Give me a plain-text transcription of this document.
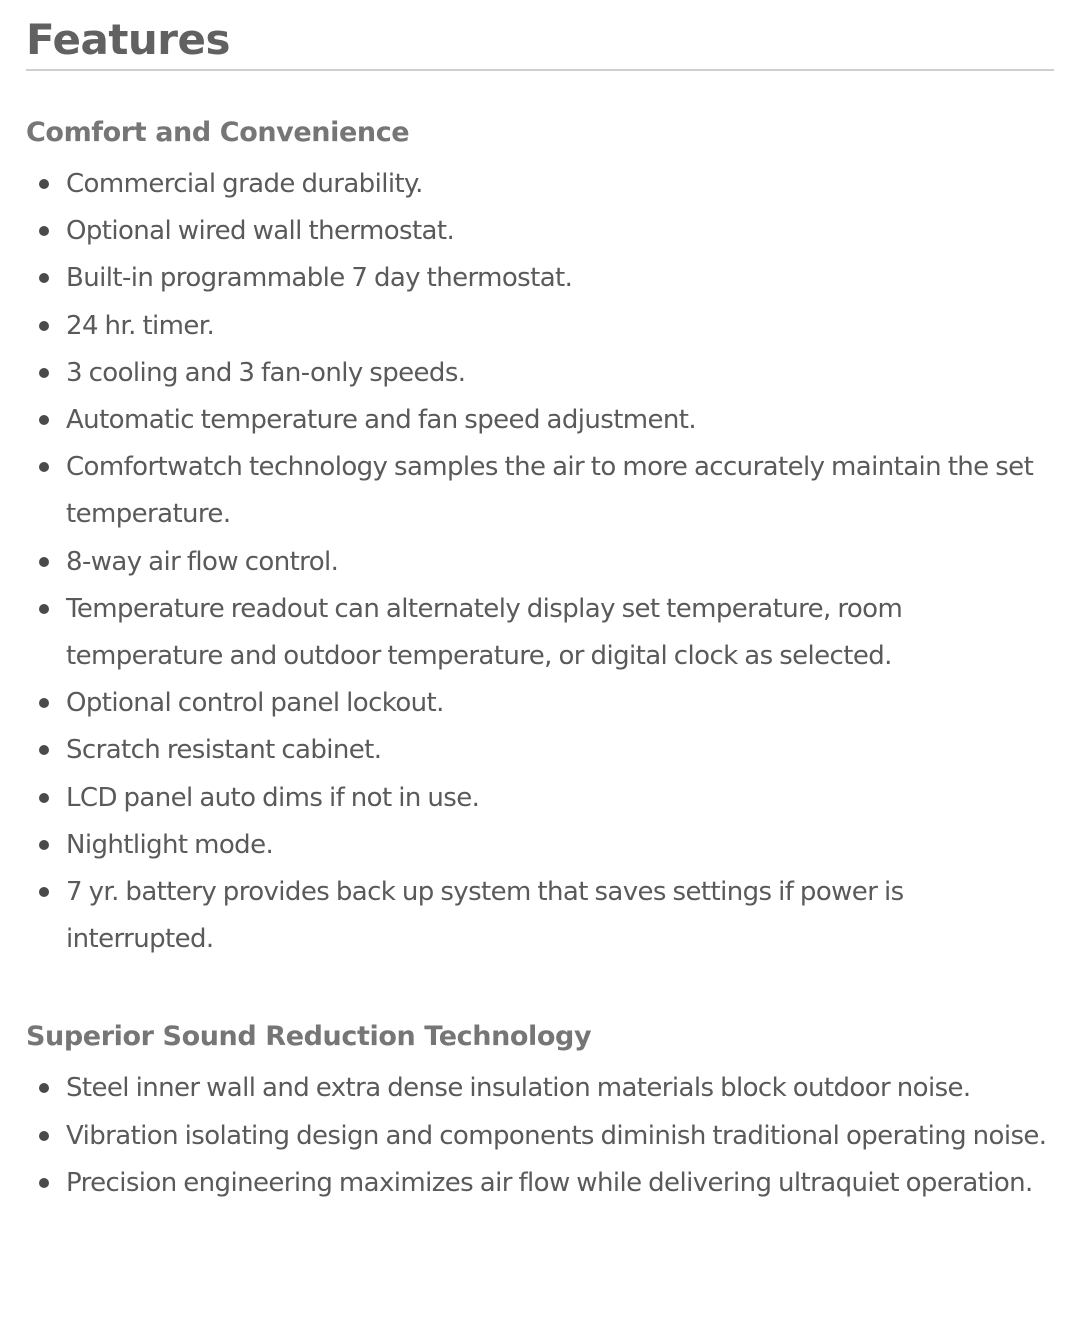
Features
Comfort and Convenience
Commercial grade durability.
Optional wired wall thermostat.
Built-in programmable 7 day thermostat.
24 hr. timer.
3 cooling and 3 fan-only speeds.
Automatic temperature and fan speed adjustment.
Comfortwatch technology samples the air to more accurately maintain the set temperature.
8-way air flow control.
Temperature readout can alternately display set temperature, room temperature and outdoor temperature, or digital clock as selected.
Optional control panel lockout.
Scratch resistant cabinet.
LCD panel auto dims if not in use.
Nightlight mode.
7 yr. battery provides back up system that saves settings if power is interrupted.
Superior Sound Reduction Technology
Steel inner wall and extra dense insulation materials block outdoor noise.
Vibration isolating design and components diminish traditional operating noise.
Precision engineering maximizes air flow while delivering ultraquiet operation.
